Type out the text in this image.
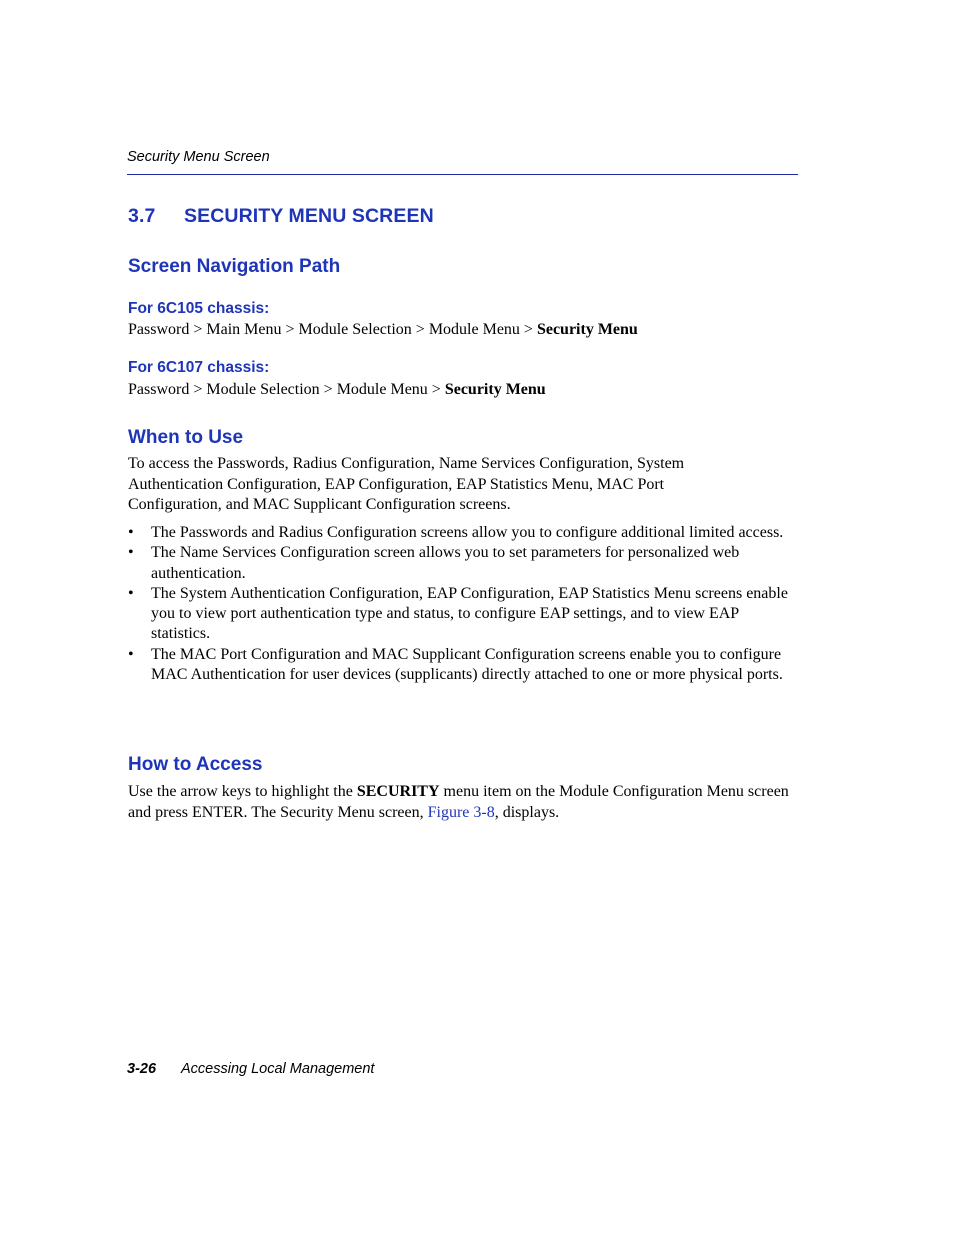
Security Menu Screen

3.7 SECURITY MENU SCREEN
Screen Navigation Path
For 6C105 chassis:

Password > Main Menu > Module Selection > Module Menu > Security Menu

For 6C107 chassis:

Password > Module Selection > Module Menu > Security Menu

When to Use

To access the Passwords, Radius Configuration, Name Services Configuration, System Authentication Configuration, EAP Configuration, EAP Statistics Menu, MAC Port Configuration, and MAC Supplicant Configuration screens.

• The Passwords and Radius Configuration screens allow you to configure additional limited access.
• The Name Services Configuration screen allows you to set parameters for personalized web authentication.
• The System Authentication Configuration, EAP Configuration, EAP Statistics Menu screens enable you to view port authentication type and status, to configure EAP settings, and to view EAP statistics.
• The MAC Port Configuration and MAC Supplicant Configuration screens enable you to configure MAC Authentication for user devices (supplicants) directly attached to one or more physical ports.
How to Access

Use the arrow keys to highlight the SECURITY menu item on the Module Configuration Menu screen and press ENTER. The Security Menu screen, Figure 3-8, displays.

3-26 Accessing Local Management
